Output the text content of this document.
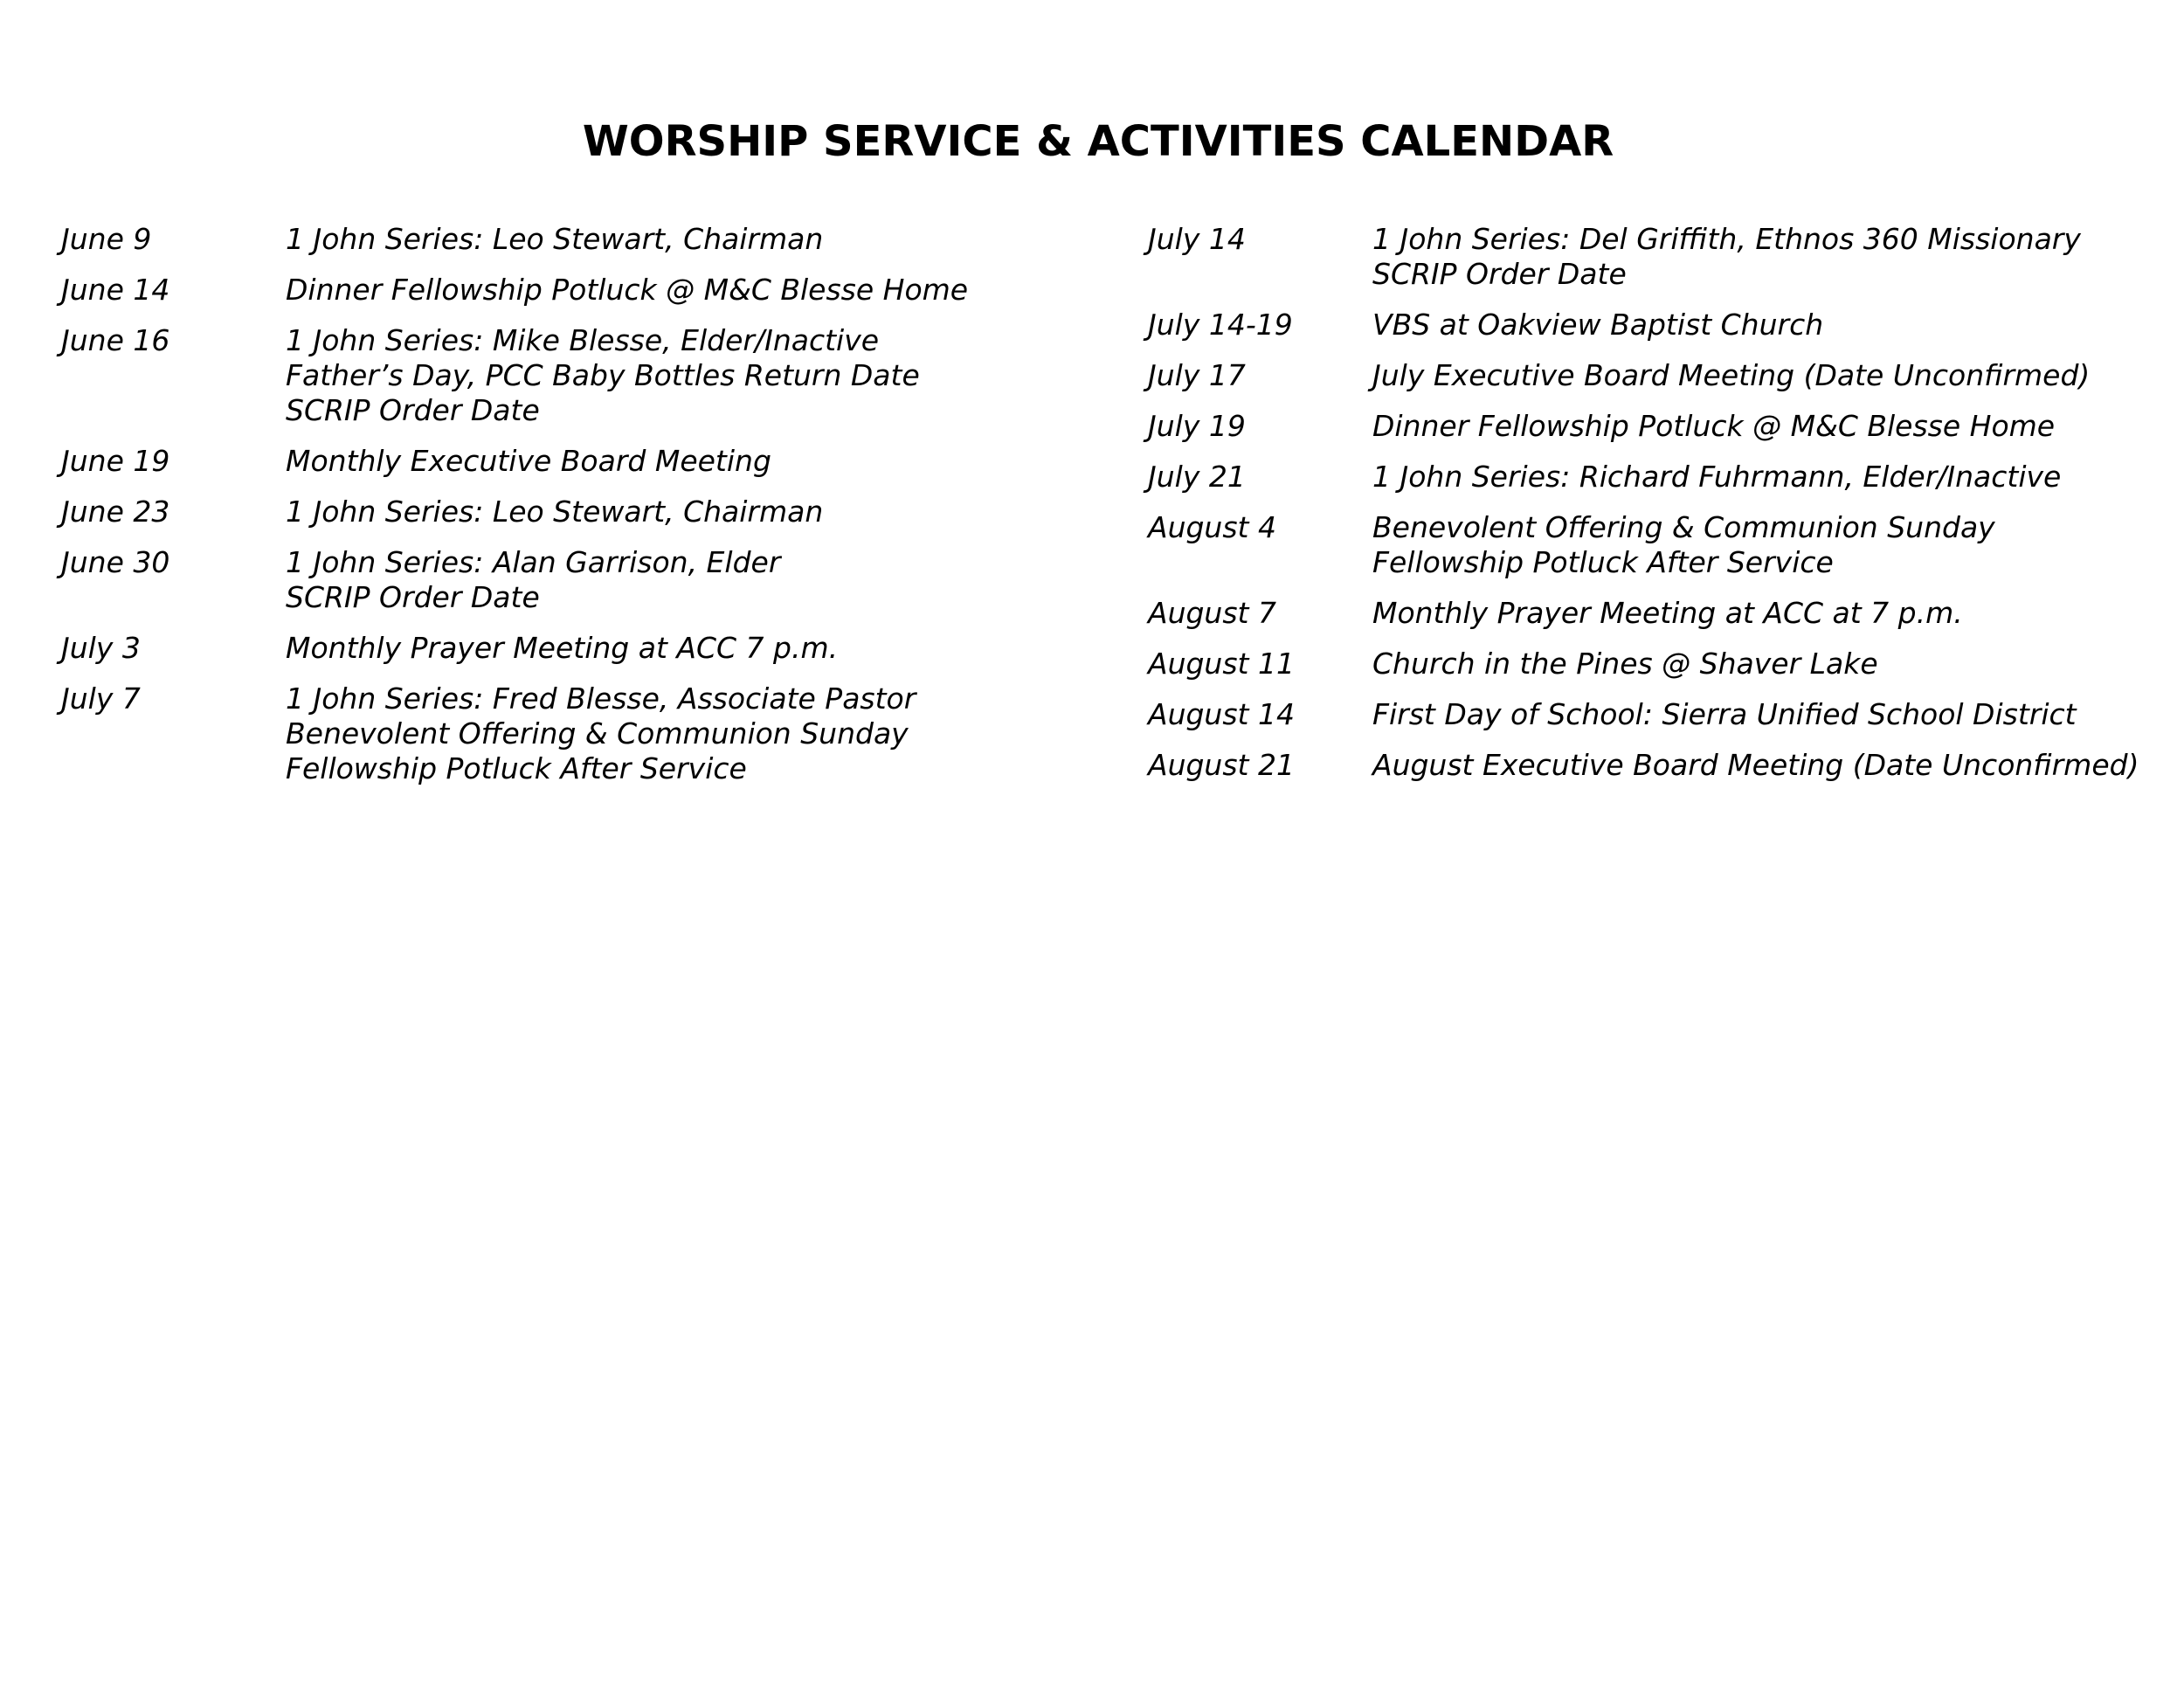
WORSHIP SERVICE & ACTIVITIES CALENDAR
June 9	1 John Series: Leo Stewart, Chairman
June 14	Dinner Fellowship Potluck @ M&C Blesse Home
June 16	1 John Series: Mike Blesse, Elder/Inactive
Father’s Day, PCC Baby Bottles Return Date
SCRIP Order Date
June 19	Monthly Executive Board Meeting
June 23	1 John Series: Leo Stewart, Chairman
June 30	1 John Series: Alan Garrison, Elder
SCRIP Order Date
July 3	Monthly Prayer Meeting at ACC 7 p.m.
July 7	1 John Series: Fred Blesse, Associate Pastor
Benevolent Offering & Communion Sunday
Fellowship Potluck After Service
July 14	1 John Series: Del Griffith, Ethnos 360 Missionary
SCRIP Order Date
July 14-19	VBS at Oakview Baptist Church
July 17	July Executive Board Meeting (Date Unconfirmed)
July 19	Dinner Fellowship Potluck @ M&C Blesse Home
July 21	1 John Series: Richard Fuhrmann, Elder/Inactive
August 4	Benevolent Offering & Communion Sunday
Fellowship Potluck After Service
August 7	Monthly Prayer Meeting at ACC at 7 p.m.
August 11	Church in the Pines @ Shaver Lake
August 14	First Day of School: Sierra Unified School District
August 21	August Executive Board Meeting (Date Unconfirmed)
